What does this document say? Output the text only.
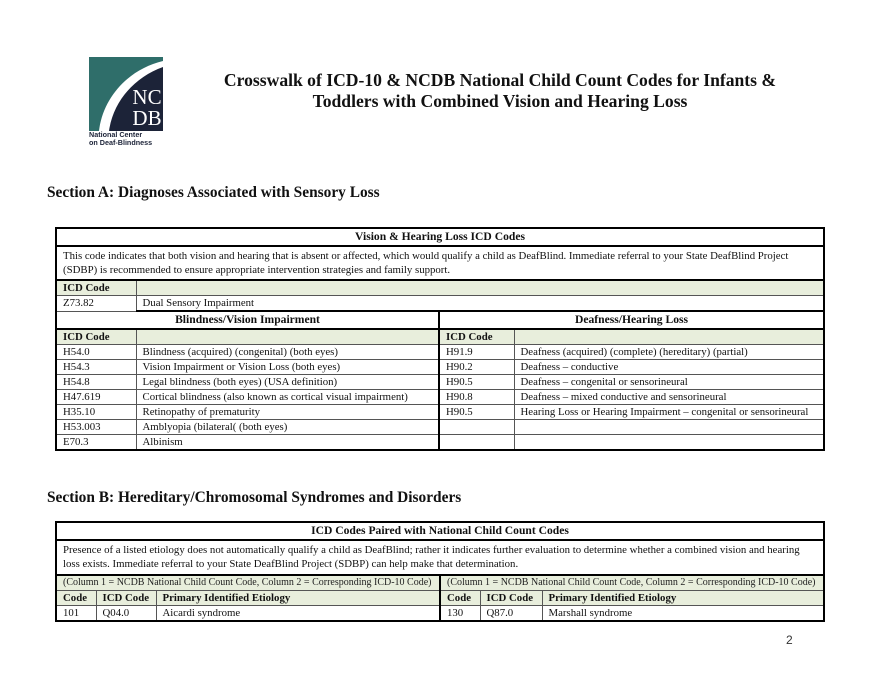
NC
DB
National Center
on Deaf-Blindness
Crosswalk of ICD-10 & NCDB National Child Count Codes for Infants &
Toddlers with Combined Vision and Hearing Loss
Section A: Diagnoses Associated with Sensory Loss
Vision & Hearing Loss ICD Codes			
This code indicates that both vision and hearing that is absent or affected, which would qualify a child as DeafBlind. Immediate referral to your State DeafBlind Project (SDBP) is recommended to ensure appropriate intervention strategies and family support.			
ICD Code			
Z73.82	Dual Sensory Impairment		
Blindness/Vision Impairment		Deafness/Hearing Loss	
ICD Code		ICD Code	
H54.0	Blindness (acquired) (congenital) (both eyes)	H91.9	Deafness (acquired) (complete) (hereditary) (partial)
H54.3	Vision Impairment or Vision Loss (both eyes)	H90.2	Deafness – conductive
H54.8	Legal blindness (both eyes) (USA definition)	H90.5	Deafness – congenital or sensorineural
H47.619	Cortical blindness (also known as cortical visual impairment)	H90.8	Deafness – mixed conductive and sensorineural
H35.10	Retinopathy of prematurity	H90.5	Hearing Loss or Hearing Impairment – congenital or sensorineural
H53.003	Amblyopia (bilateral( (both eyes)		
E70.3	Albinism		
Section B: Hereditary/Chromosomal Syndromes and Disorders
ICD Codes Paired with National Child Count Codes					
Presence of a listed etiology does not automatically qualify a child as DeafBlind; rather it indicates further evaluation to determine whether a combined vision and hearing loss exists. Immediate referral to your State DeafBlind Project (SDBP) can help make that determination.					
(Column 1 = NCDB National Child Count Code, Column 2 = Corresponding ICD-10 Code)			(Column 1 = NCDB National Child Count Code, Column 2 = Corresponding ICD-10 Code)		
Code	ICD Code	Primary Identified Etiology	Code	ICD Code	Primary Identified Etiology
101	Q04.0	Aicardi syndrome	130	Q87.0	Marshall syndrome
2
